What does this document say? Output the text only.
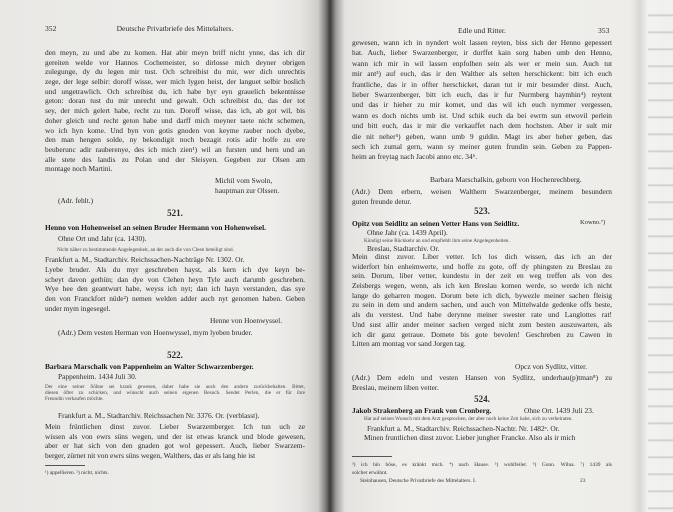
352	Deutsche Privatbriefe des Mittelalters.
den meyn, zu und abe zu komen. Hat abir meyn briff nicht ynne, das ich dir
gereiten welde vor Hannos Cochemeister, so dirlosse mich deyner obrigen
zulegunge, dy du legen mir tust. Och schreibist du mir, wer dich unrechtis
zege, der lege selbir: doroff wisse, wer mich lygen heist, der languet selbir boslich
und ungetrawlich. Och schreibist du, ich habe byr eyn grauelich bekentnisse
geton: doran tust du mir unrecht und gewalt. Och schreibist du, das der tot
sey, der mich gelert habe, recht zu tun. Doroff wisse, das ich, ab got wil, bis
doher gleich und recht geton habe und darff mich meyner taete nicht schemen,
wo ich hyn kome. Und byn von gotis gnoden von keyme rauber noch dyebe,
den man hengen solde, ny bekondigit noch bezagit rotis adir holfe zu ere
beuberunc adir rauberenye, des ich mich zien¹) wil an fursten und hern und an
alle stete des landis zu Polan und der Sleisyen. Gegeben zur Olsen am
montage noch Martini.
Michil vom Swoln,
hauptman zur Olssen.
(Adr. fehlt.)
521.
Henno von Hohenweisel an seinen Bruder Hermann von Hohenweisel.
Ohne Ort und Jahr (ca. 1430).
Nicht näher zu bestimmende Angelegenheit, an der auch die von Cleen beteiligt sind.
Frankfurt a. M., Stadtarchiv. Reichssachen-Nachträge Nr. 1302. Or.
Lyebe bruder. Als du myr geschreben hayst, als kern ich dye keyn be-
scheyt davon gethün; dan dye von Clehen heyn Tyle auch darumb geschreben.
Wye hee den geantwurt habe, weyss ich nyt; dan ich hayn verstanden, das sye
den von Franckfort nüde²) nemen welden adder auch nyt genomen haben. Geben
under mym ingesegel.
Henne von Hoenwyssel.
(Adr.) Dem vesten Herman von Hoenwyssel, mym lyeben bruder.
522.
Barbara Marschalk von Pappenheim an Walter Schwarzenberger.
Pappenheim. 1434 Juli 30.
Der eine seiner Söhne sei krank gewesen, daher habe sie auch den andern zurückbehalten. Bittet,
diesen öfter zu schicken, und wünscht auch seinen eigenen Besuch. Sendet Perlen, die er für ihre
Freundin verkaufen möchte.
Frankfurt a. M., Stadtarchiv. Reichssachen Nr. 3376. Or. (verblasst).
Mein früntlichen dinst zuvor. Lieber Swarzemberger. Ich tun uch ze
wissen als von ewrs süns wegen, und der ist etwas kranck und blode gewesen,
aber er hat sich von den gnaden got wol gepessert. Auch, lieber Swarzem-
berger, zürnet nit von ewrs süns wegen, Walthers, das er als lang hie ist
¹) appellieren. ²) nicht, nichts.
Edle und Ritter.	353
gewesen, wann ich in nyndert wolt lassen reyten, biss sich der Henno gepessert
hat. Auch, lieber Swarzenberger, ir durffet kain sorg haben umb den Henno,
wann ich mir in wil lassen enpfolhen sein als wer er mein sun. Auch tut
mir ant³) auf euch, das ir den Walther als selten herschickent: bitt ich euch
frantliche, das ir in offter herschicket, daran tut ir mir besunder dinst. Auch,
lieber Swarzenberger, bitt ich euch, das ir fur Nurmberg haymhin⁴) reytent
und das ir hieher zu mir komet, und das wil ich euch nymmer vergessen,
wann es doch nichts umb ist. Und schik euch da bei ewrm sun etwovil perlein
und bitt euch, das ir mir die verkauffet nach dem hochsten. Aber ir sult mir
die nit neher⁵) geben, wann umb 9 guldin. Magt irs aber heher geben, das
sech ich zumal gern, wann sy meiner guten frundin sein. Geben zu Pappen-
heim an freytag nach Jacobi anno etc. 34⁶.
Barbara Marschalkin, geborn von Hochenrechberg.
(Adr.) Dem erbern, weisen Walthern Swarzenberger, meinem besundern
guten freunde detur.
523.
Opitz von Seidlitz an seinen Vetter Hans von Seidlitz.	Kowno.⁷)
Ohne Jahr (ca. 1439 April).
Kündigt seine Rückkehr an und empfiehlt ihm seine Angelegenheiten.
Breslau, Stadtarchiv. Or.
Mein dinst zuvor. Liber vetter. Ich los dich wissen, das ich an der
widerfort bin enheimwerte, und hoffe zu gote, off dy phingsten zu Breslau zu
sein. Dorum, liber vetter, kundestu in der zeit en weg treffen als von des
Zeisbergs wegen, wenn, als ich ken Breslau komen werde, so werde ich nicht
lange do geharren mogen. Dorum bete ich dich, bywezle meiner sachen fleisig
zu sein in dem und andern sachen, und auch von Mittelwalde gedenke offs beste,
als du verstest. Und habe derynne meiner swester rate und Langlottes rat!
Und sust allir ander meiner sachen verged nicht zum besten auszuwarten, als
ich dir ganz getraue. Domete bis gote bevolen! Geschreben zu Cawen in
Litten am montag vor sand Jorgen tag.
Opcz von Sydlitz, vitter.
(Adr.) Dem edeln und vesten Hansen von Sydlitz, underhau(p)tman⁸) zu
Breslau, meinem liben vetter.
524.
Jakob Strakenberg an Frank von Cronberg.	Ohne Ort. 1439 Juli 23.
Hat auf seinen Wunsch mit dem Arzt gesprochen, der aber noch keine Zeit habe, sich zu verheiraten.
Frankfurt a. M., Stadtarchiv. Reichssachen-Nachtr. Nr. 1482ᵃ. Or.
Minen fruntlichen dinst zuvor. Lieber jungher Francke. Also als ir mich
³) ich bin böse, es kränkt mich. ⁴) nach Hause. ⁵) wohlfeiler. ⁶) Gonn. Wilna. ⁷) 1439 als
solcher erwähnt.
Steinhausen, Deutsche Privatbriefe des Mittelalters. I.	23
